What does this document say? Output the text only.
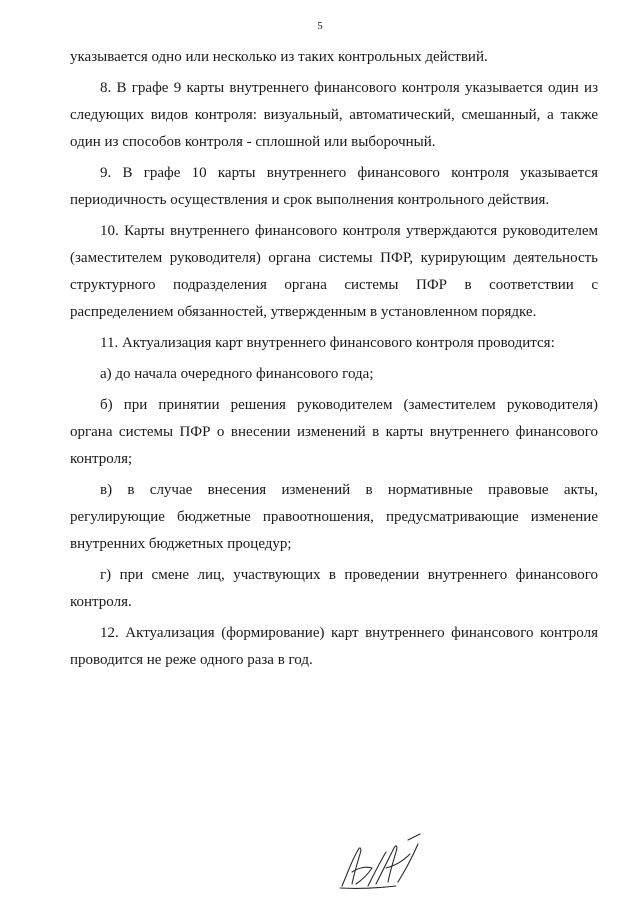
5

указывается одно или несколько из таких контрольных действий.

8. В графе 9 карты внутреннего финансового контроля указывается один из следующих видов контроля: визуальный, автоматический, смешанный, а также один из способов контроля - сплошной или выборочный.

9. В графе 10 карты внутреннего финансового контроля указывается периодичность осуществления и срок выполнения контрольного действия.

10. Карты внутреннего финансового контроля утверждаются руководителем (заместителем руководителя) органа системы ПФР, курирующим деятельность структурного подразделения органа системы ПФР в соответствии с распределением обязанностей, утвержденным в установленном порядке.

11. Актуализация карт внутреннего финансового контроля проводится:

а) до начала очередного финансового года;

б) при принятии решения руководителем (заместителем руководителя) органа системы ПФР о внесении изменений в карты внутреннего финансового контроля;

в) в случае внесения изменений в нормативные правовые акты, регулирующие бюджетные правоотношения, предусматривающие изменение внутренних бюджетных процедур;

г) при смене лиц, участвующих в проведении внутреннего финансового контроля.

12. Актуализация (формирование) карт внутреннего финансового контроля проводится не реже одного раза в год.
